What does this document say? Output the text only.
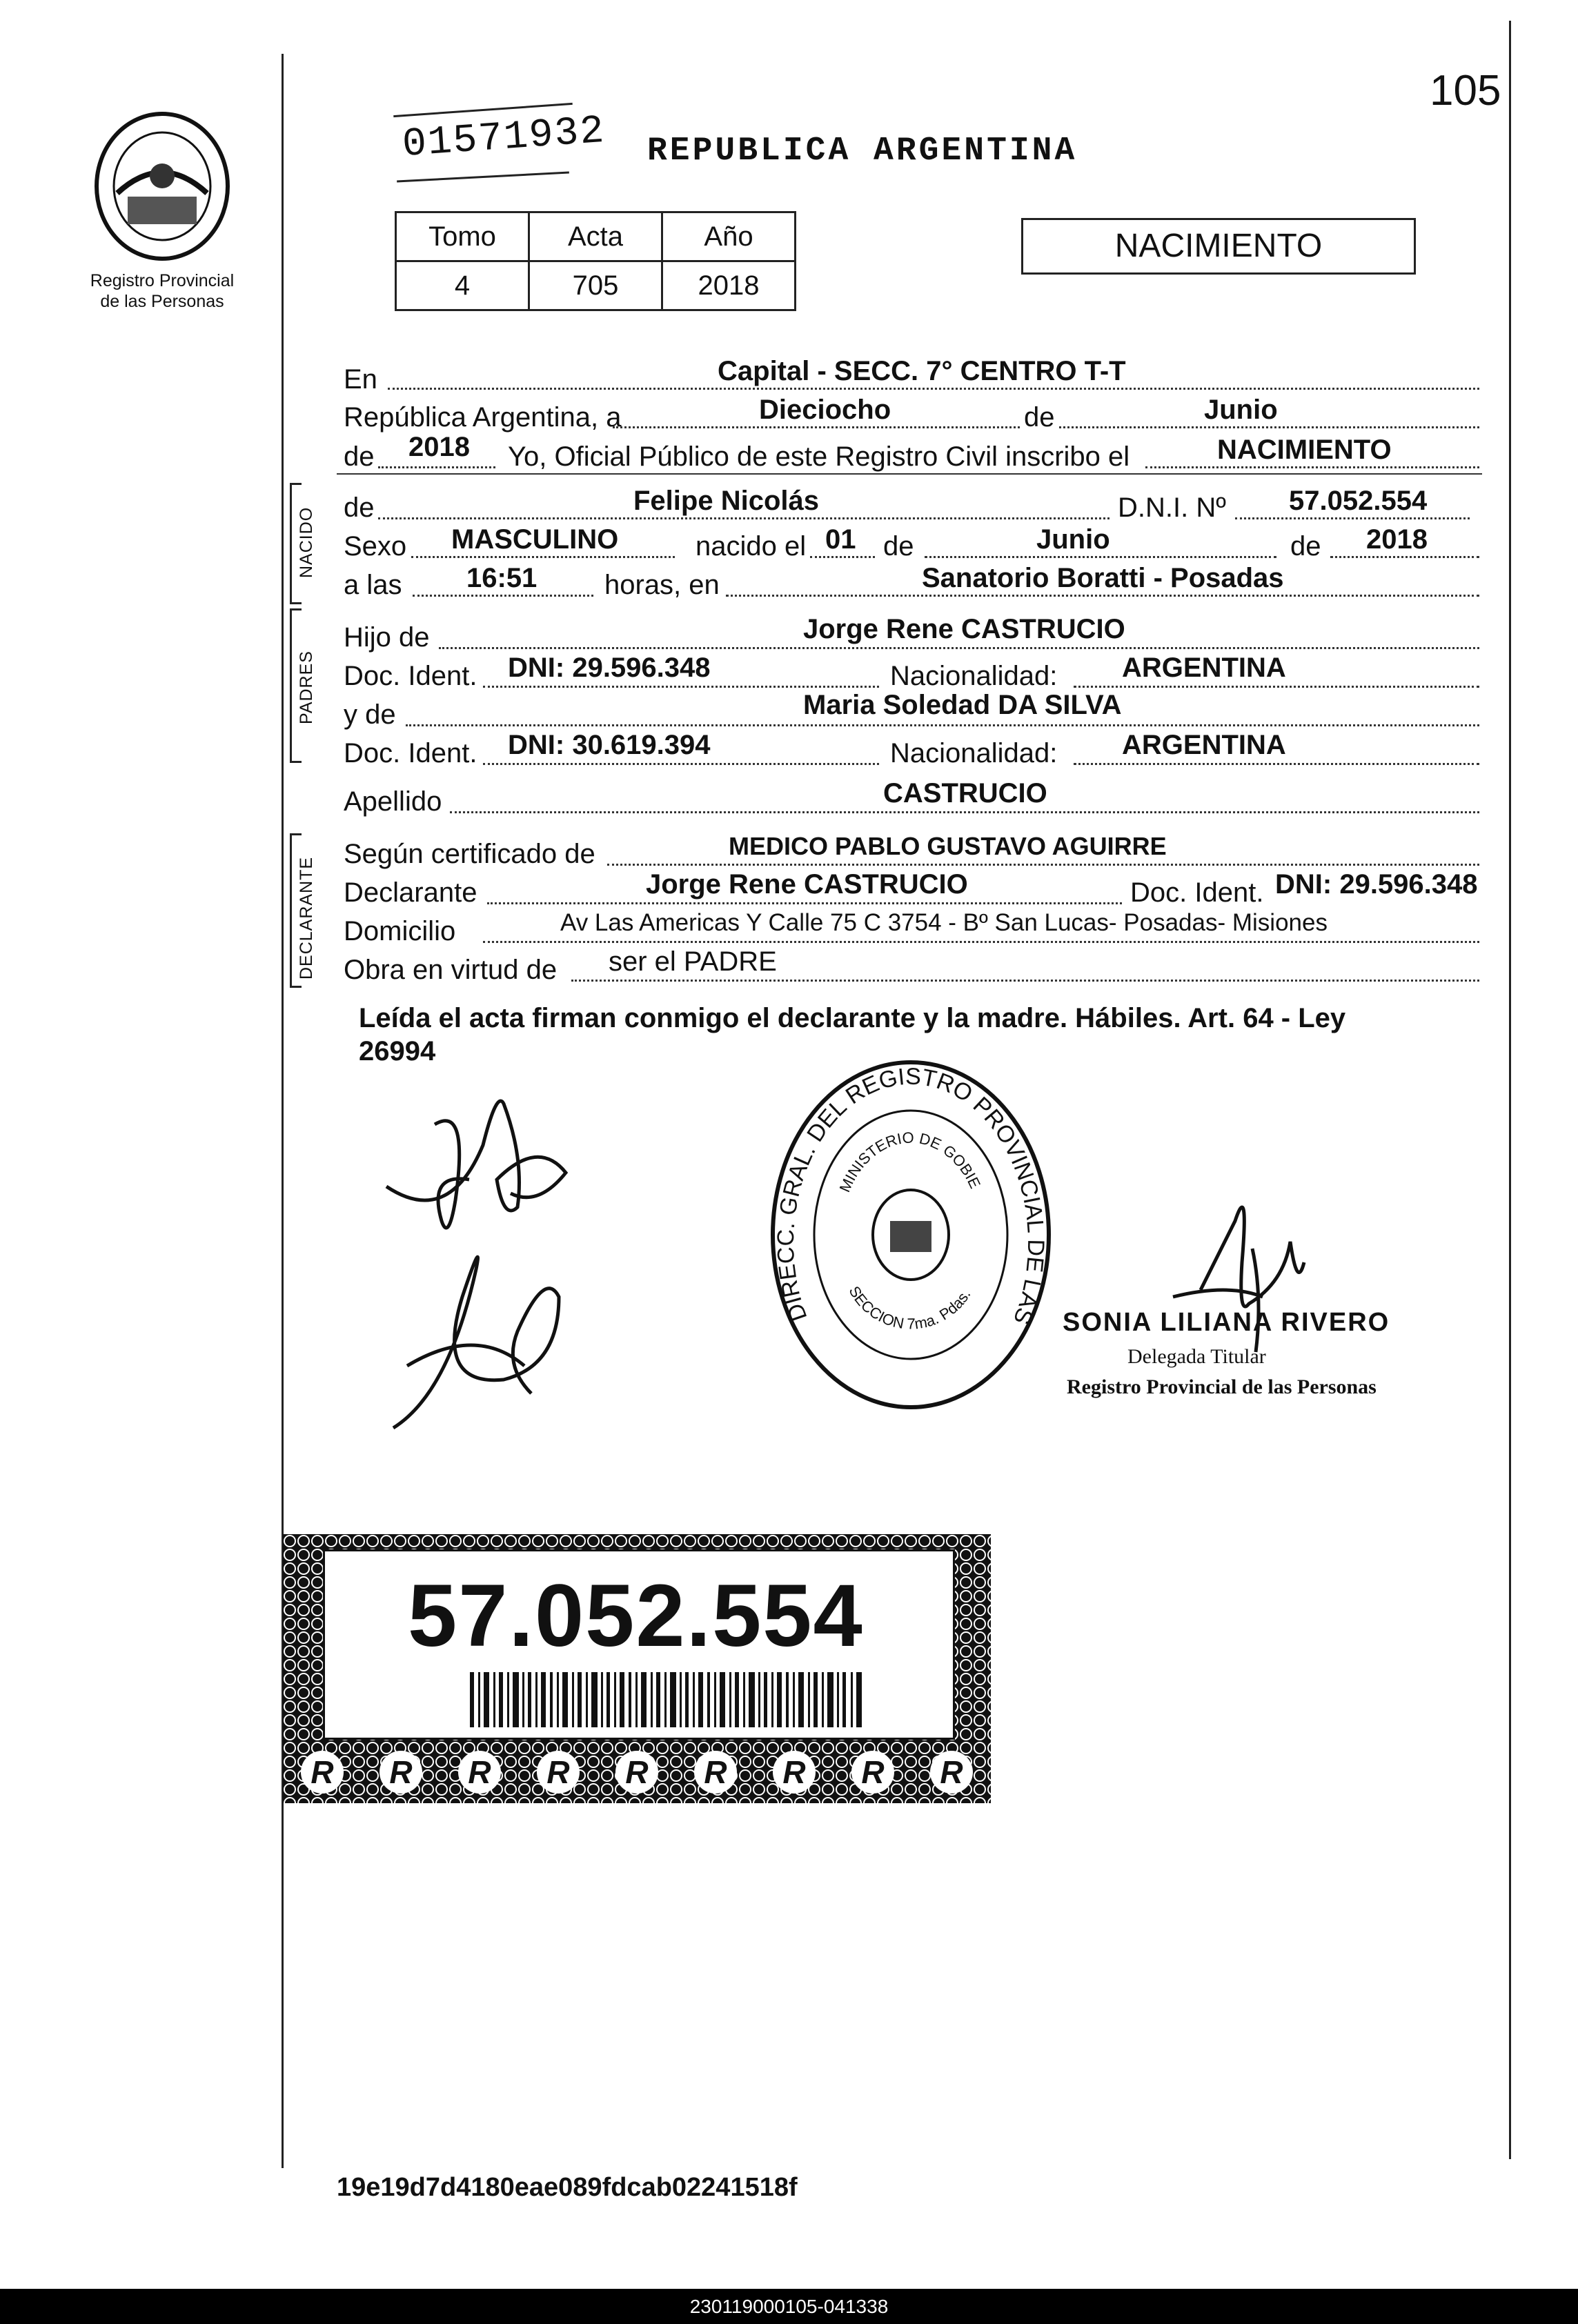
105
Registro Provincial
de las Personas
01571932 REPUBLICA ARGENTINA
Tomo	Acta	Año
4	705	2018
NACIMIENTO
En	Capital - SECC. 7° CENTRO T-T
República Argentina, a	Dieciocho	de	Junio
de 2018 Yo, Oficial Público de este Registro Civil inscribo el	NACIMIENTO
NACIDO de	Felipe Nicolás	D.N.I. Nº 57.052.554
Sexo MASCULINO	nacido el 01 de	Junio	de 2018
a las 16:51 horas, en	Sanatorio Boratti - Posadas
PADRES
Hijo de	Jorge Rene CASTRUCIO
Doc. Ident. DNI: 29.596.348	Nacionalidad: ARGENTINA
y de	Maria Soledad DA SILVA
Doc. Ident. DNI: 30.619.394	Nacionalidad: ARGENTINA
Apellido	CASTRUCIO
DECLARANTE
Según certificado de	MEDICO PABLO GUSTAVO AGUIRRE
Declarante	Jorge Rene CASTRUCIO	Doc. Ident. DNI: 29.596.348
Domicilio	Av Las Americas Y Calle 75 C 3754 - Bº San Lucas- Posadas- Misiones
Obra en virtud de ser el PADRE
Leída el acta firman conmigo el declarante y la madre. Hábiles. Art. 64 - Ley
26994
DIRECC. GRAL. DEL REGISTRO PROVINCIAL DE LAS
MINISTERIO DE GOBIE
SECCION 7ma. Pdas.
SONIA LILIANA RIVERO
Delegada Titular
Registro Provincial de las Personas
57.052.554
R	R	R	R	R	R	R	R	R
19e19d7d4180eae089fdcab02241518f
230119000105-041338
